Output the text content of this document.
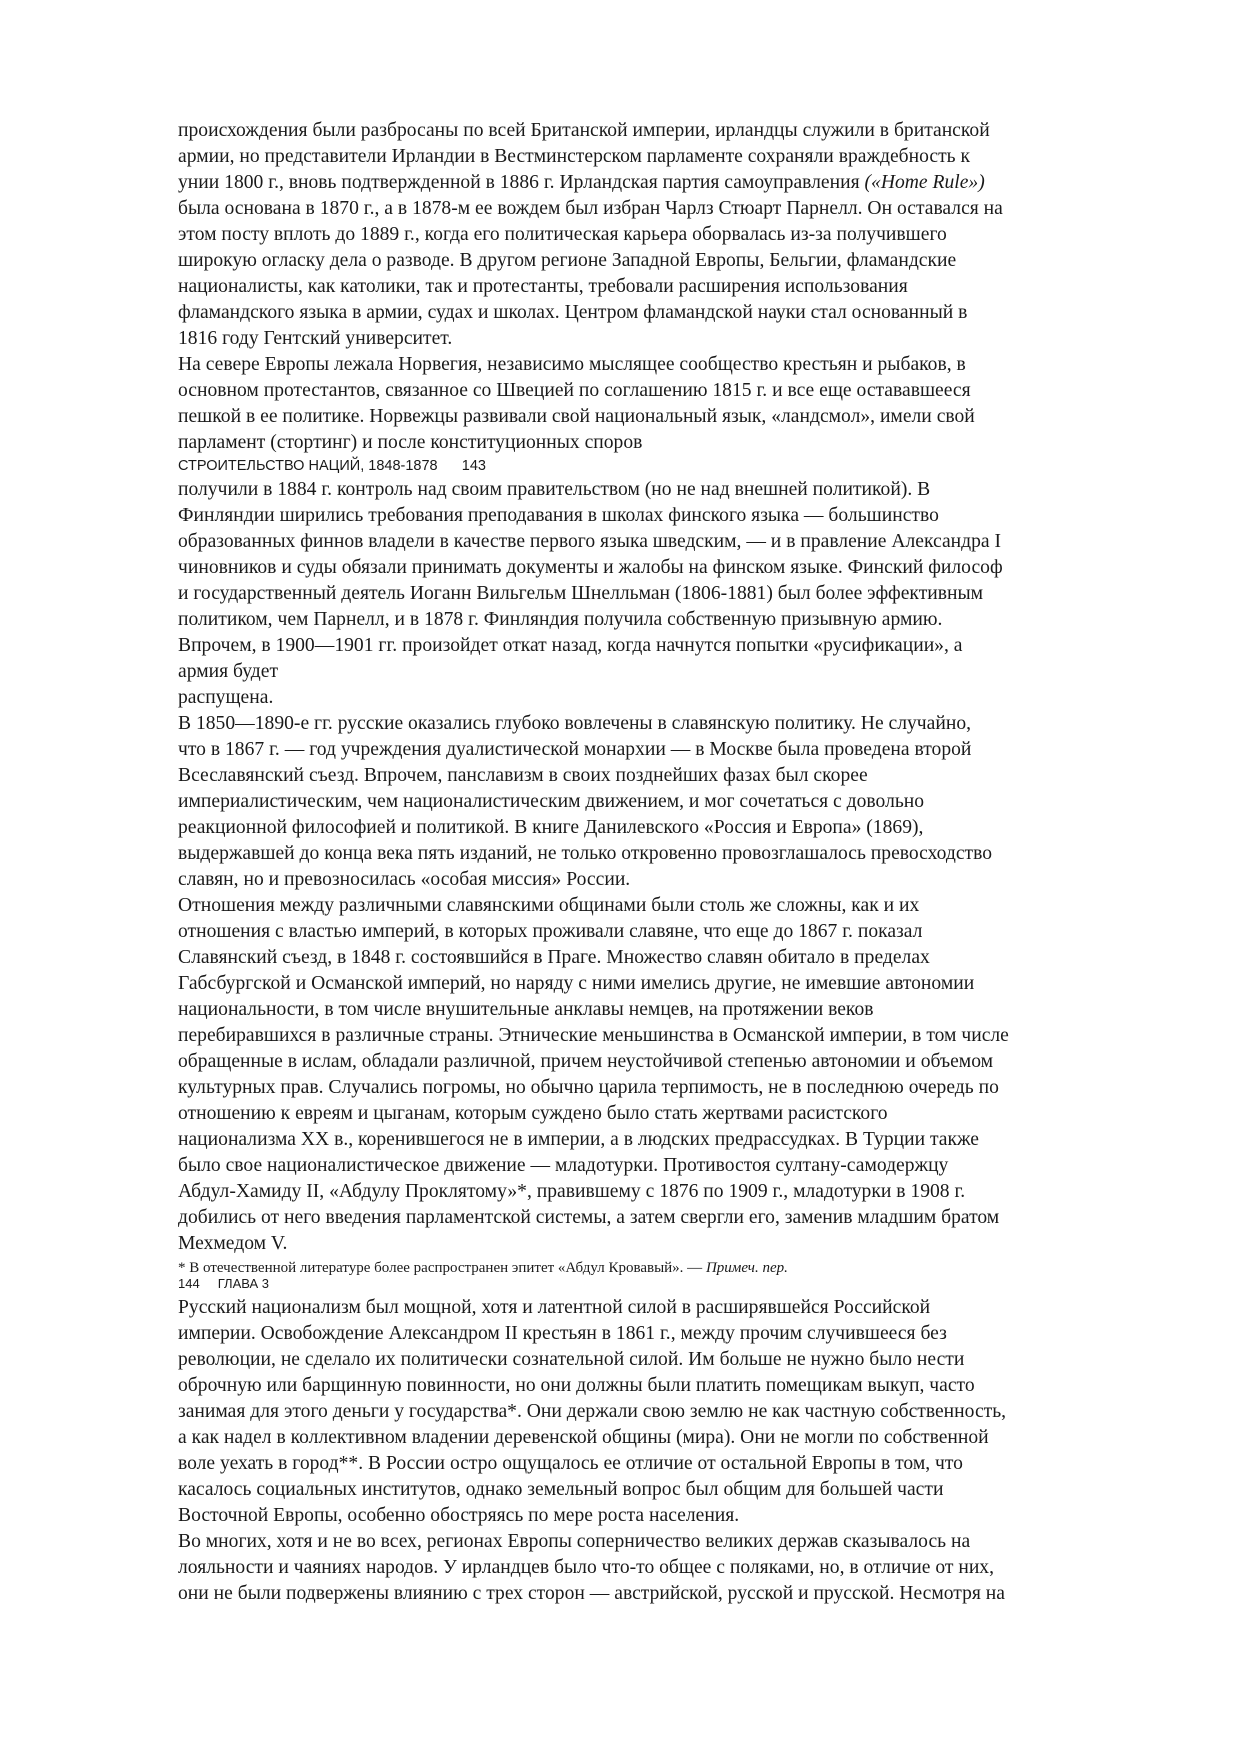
происхождения были разбросаны по всей Британской империи, ирландцы служили в британской
армии, но представители Ирландии в Вестминстерском парламенте сохраняли враждебность к
унии 1800 г., вновь подтвержденной в 1886 г. Ирландская партия самоуправления («Home Rule»)
была основана в 1870 г., а в 1878-м ее вождем был избран Чарлз Стюарт Парнелл. Он оставался на
этом посту вплоть до 1889 г., когда его политическая карьера оборвалась из-за получившего
широкую огласку дела о разводе. В другом регионе Западной Европы, Бельгии, фламандские
националисты, как католики, так и протестанты, требовали расширения использования
фламандского языка в армии, судах и школах. Центром фламандской науки стал основанный в
1816 году Гентский университет.

На севере Европы лежала Норвегия, независимо мыслящее сообщество крестьян и рыбаков, в
основном протестантов, связанное со Швецией по соглашению 1815 г. и все еще остававшееся
пешкой в ее политике. Норвежцы развивали свой национальный язык, «ландсмол», имели свой
парламент (стортинг) и после конституционных споров

СТРОИТЕЛЬСТВО НАЦИЙ, 1848-1878      143

получили в 1884 г. контроль над своим правительством (но не над внешней политикой). В
Финляндии ширились требования преподавания в школах финского языка — большинство
образованных финнов владели в качестве первого языка шведским, — и в правление Александра I
чиновников и суды обязали принимать документы и жалобы на финском языке. Финский философ
и государственный деятель Иоганн Вильгельм Шнелльман (1806-1881) был более эффективным
политиком, чем Парнелл, и в 1878 г. Финляндия получила собственную призывную армию.
Впрочем, в 1900—1901 гг. произойдет откат назад, когда начнутся попытки «русификации», а
армия будет
распущена.

В 1850—1890-е гг. русские оказались глубоко вовлечены в славянскую политику. Не случайно,
что в 1867 г. — год учреждения дуалистической монархии — в Москве была проведена второй
Всеславянский съезд. Впрочем, панславизм в своих позднейших фазах был скорее
империалистическим, чем националистическим движением, и мог сочетаться с довольно
реакционной философией и политикой. В книге Данилевского «Россия и Европа» (1869),
выдержавшей до конца века пять изданий, не только откровенно провозглашалось превосходство
славян, но и превозносилась «особая миссия» России.

Отношения между различными славянскими общинами были столь же сложны, как и их
отношения с властью империй, в которых проживали славяне, что еще до 1867 г. показал
Славянский съезд, в 1848 г. состоявшийся в Праге. Множество славян обитало в пределах
Габсбургской и Османской империй, но наряду с ними имелись другие, не имевшие автономии
национальности, в том числе внушительные анклавы немцев, на протяжении веков
перебиравшихся в различные страны. Этнические меньшинства в Османской империи, в том числе
обращенные в ислам, обладали различной, причем неустойчивой степенью автономии и объемом
культурных прав. Случались погромы, но обычно царила терпимость, не в последнюю очередь по
отношению к евреям и цыганам, которым суждено было стать жертвами расистского
национализма XX в., коренившегося не в империи, а в людских предрассудках. В Турции также
было свое националистическое движение — младотурки. Противостоя султану-самодержцу
Абдул-Хамиду II, «Абдулу Проклятому»*, правившему с 1876 по 1909 г., младотурки в 1908 г.
добились от него введения парламентской системы, а затем свергли его, заменив младшим братом
Мехмедом V.

* В отечественной литературе более распространен эпитет «Абдул Кровавый». — Примеч. пер.

144     ГЛАВА 3

Русский национализм был мощной, хотя и латентной силой в расширявшейся Российской
империи. Освобождение Александром II крестьян в 1861 г., между прочим случившееся без
революции, не сделало их политически сознательной силой. Им больше не нужно было нести
оброчную или барщинную повинности, но они должны были платить помещикам выкуп, часто
занимая для этого деньги у государства*. Они держали свою землю не как частную собственность,
а как надел в коллективном владении деревенской общины (мира). Они не могли по собственной
воле уехать в город**. В России остро ощущалось ее отличие от остальной Европы в том, что
касалось социальных институтов, однако земельный вопрос был общим для большей части
Восточной Европы, особенно обостряясь по мере роста населения.

Во многих, хотя и не во всех, регионах Европы соперничество великих держав сказывалось на
лояльности и чаяниях народов. У ирландцев было что-то общее с поляками, но, в отличие от них,
они не были подвержены влиянию с трех сторон — австрийской, русской и прусской. Несмотря на
